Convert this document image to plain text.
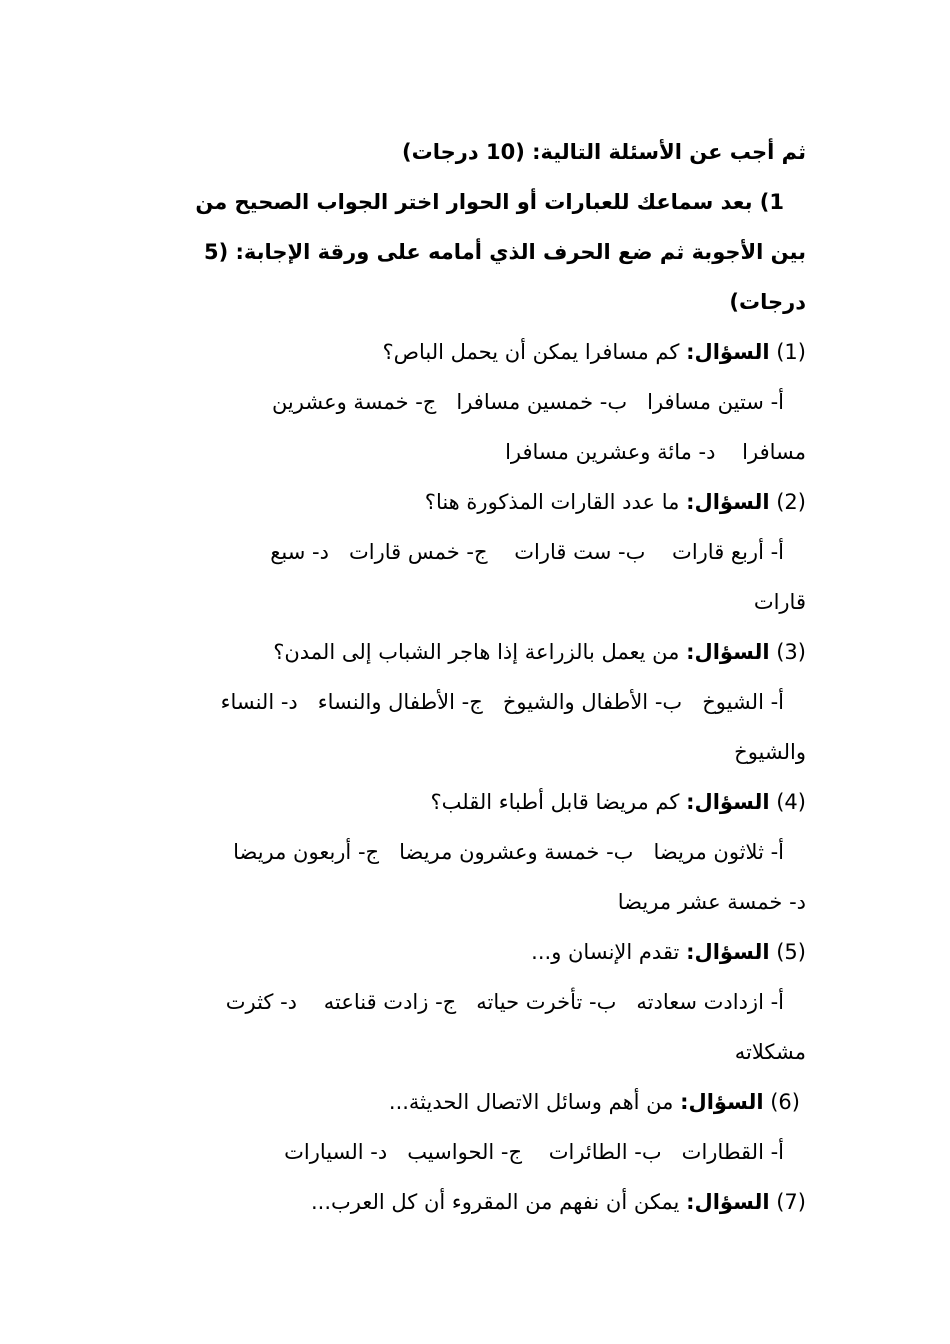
ثم أجب عن الأسئلة التالية: (10 درجات)
1) بعد سماعك للعبارات أو الحوار اختر الجواب الصحيح من
بين الأجوبة ثم ضع الحرف الذي أمامه على ورقة الإجابة: (5
درجات)
(1) السؤال: كم مسافرا يمكن أن يحمل الباص؟
أ- ستين مسافرا   ب- خمسين مسافرا   ج- خمسة وعشرين
مسافرا    د- مائة وعشرين مسافرا
(2) السؤال: ما عدد القارات المذكورة هنا؟
أ- أربع قارات    ب- ست قارات    ج- خمس قارات   د- سبع
قارات
(3) السؤال: من يعمل بالزراعة إذا هاجر الشباب إلى المدن؟
أ- الشيوخ   ب- الأطفال والشيوخ   ج- الأطفال والنساء   د- النساء
والشيوخ
(4) السؤال: كم مريضا قابل أطباء القلب؟
أ- ثلاثون مريضا   ب- خمسة وعشرون مريضا   ج- أربعون مريضا
د- خمسة عشر مريضا
(5) السؤال: تقدم الإنسان و...
أ- ازدادت سعادته   ب- تأخرت حياته   ج- زادت قناعته    د- كثرت
مشكلاته
(6) السؤال: من أهم وسائل الاتصال الحديثة...
أ- القطارات   ب- الطائرات    ج- الحواسيب   د- السيارات
(7) السؤال: يمكن أن نفهم من المقروء أن كل العرب...
